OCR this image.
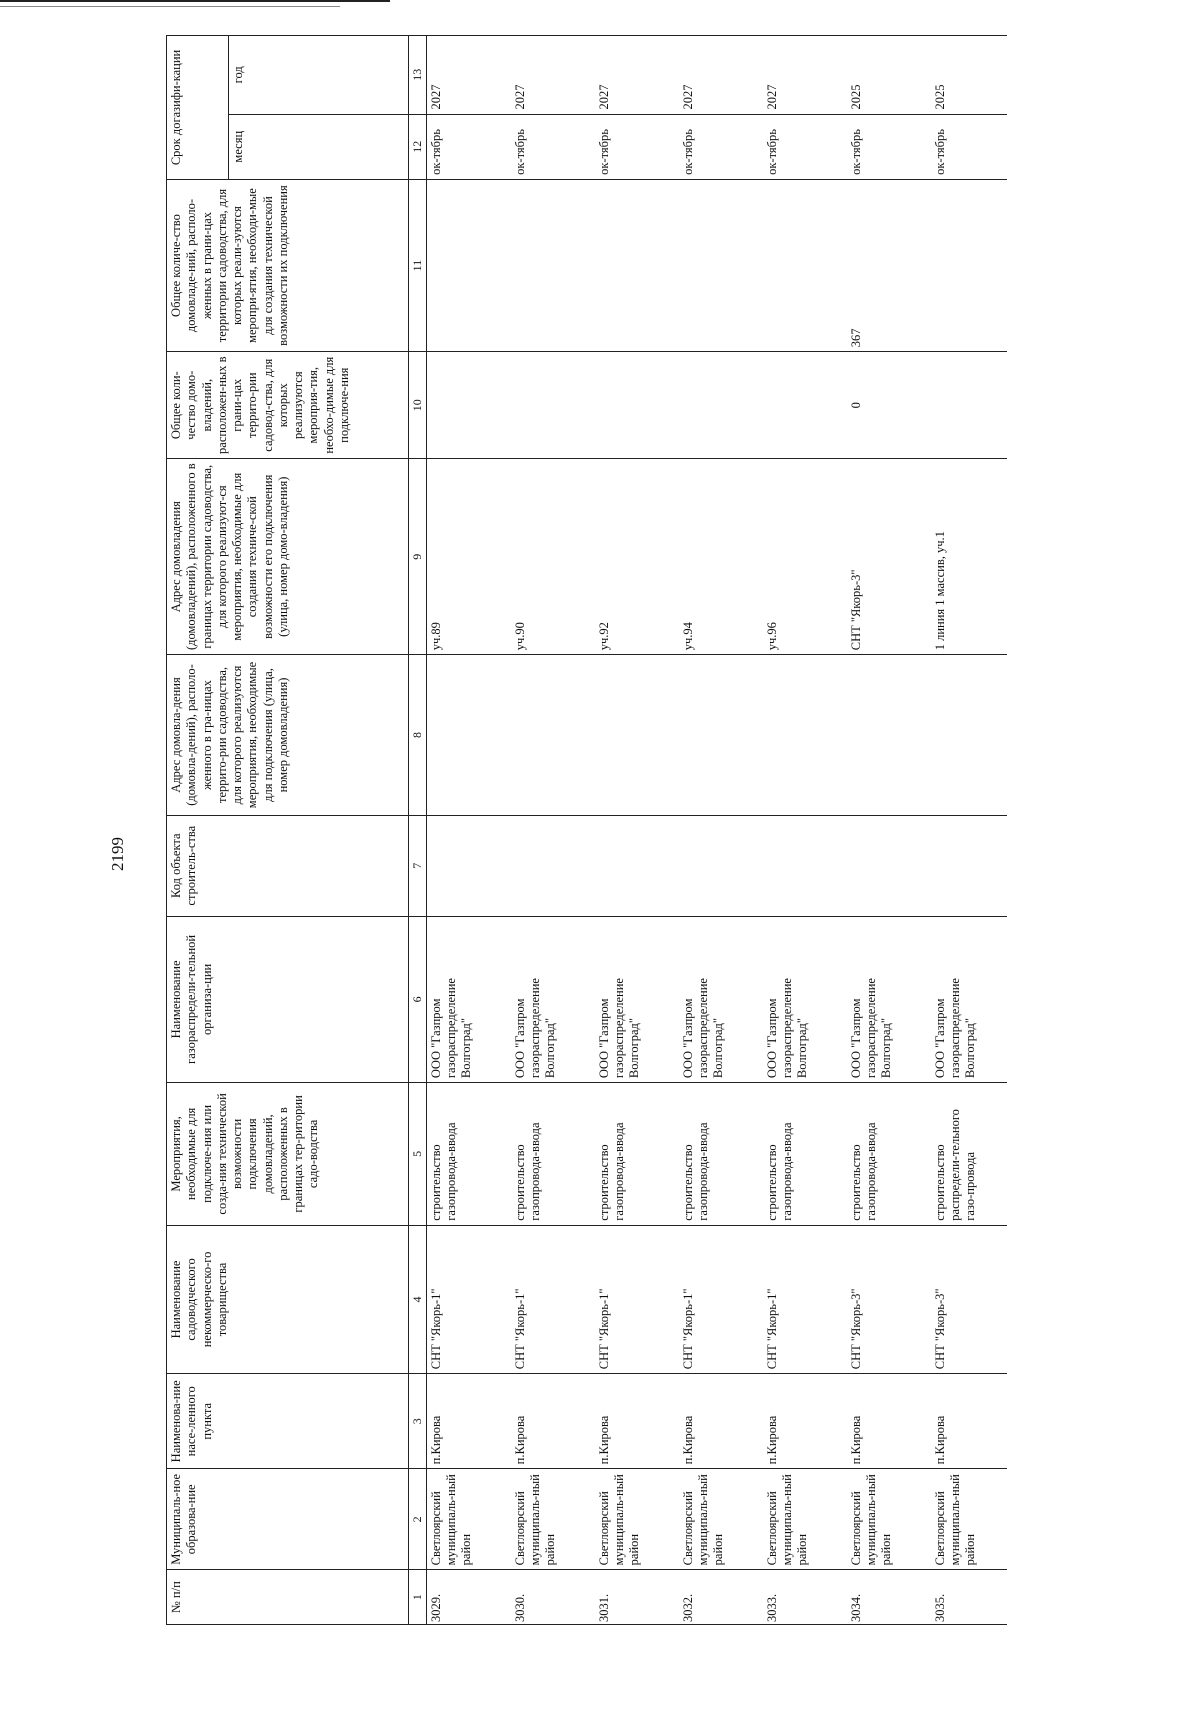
2199
№ п/п	Муниципаль-ное образова-ние	Наименова-ние насе-ленного пункта	Наименование садоводческого некоммерческо-го товарищества	Мероприятия, необходимые для подключе-ния или созда-ния технической возможности подключения домовладений, расположенных в границах тер-ритории садо-водства	Наименование газораспредели-тельной организа-ции	Код объекта строитель-ства	Адрес домовла-дения (домовла-дений), располо-женного в гра-ницах террито-рии садоводства, для которого реализуются мероприятия, необходимые для подключения (улица, номер домовладения)	Адрес домовладения (домовладений), расположенного в границах территории садоводства, для которого реализуют-ся мероприятия, необходимые для создания техниче-ской возможности его подключения (улица, номер домо-владения)	Общее коли-чество домо-владений, расположен-ных в грани-цах террито-рии садовод-ства, для которых реализуются мероприя-тия, необхо-димые для подключе-ния	Общее количе-ство домовладе-ний, располо-женных в грани-цах территории садоводства, для которых реали-зуются меропри-ятия, необходи-мые для создания технической возможности их подключения	Срок догазифи-кации	
											месяц	год
1	2	3	4	5	6	7	8	9	10	11	12	13
3029.	Светлоярский муниципаль-ный район	п.Кирова	СНТ "Якорь-1"	строительство газопровода-ввода	ООО "Газпром газораспределение Волгоград"			уч.89			ок-тябрь	2027
3030.	Светлоярский муниципаль-ный район	п.Кирова	СНТ "Якорь-1"	строительство газопровода-ввода	ООО "Газпром газораспределение Волгоград"			уч.90			ок-тябрь	2027
3031.	Светлоярский муниципаль-ный район	п.Кирова	СНТ "Якорь-1"	строительство газопровода-ввода	ООО "Газпром газораспределение Волгоград"			уч.92			ок-тябрь	2027
3032.	Светлоярский муниципаль-ный район	п.Кирова	СНТ "Якорь-1"	строительство газопровода-ввода	ООО "Газпром газораспределение Волгоград"			уч.94			ок-тябрь	2027
3033.	Светлоярский муниципаль-ный район	п.Кирова	СНТ "Якорь-1"	строительство газопровода-ввода	ООО "Газпром газораспределение Волгоград"			уч.96			ок-тябрь	2027
3034.	Светлоярский муниципаль-ный район	п.Кирова	СНТ "Якорь-3"	строительство газопровода-ввода	ООО "Газпром газораспределение Волгоград"			СНТ "Якорь-3"	0	367	ок-тябрь	2025
3035.	Светлоярский муниципаль-ный район	п.Кирова	СНТ "Якорь-3"	строительство распредели-тельного газо-провода	ООО "Газпром газораспределение Волгоград"			1 линия 1 массив, уч.1			ок-тябрь	2025
